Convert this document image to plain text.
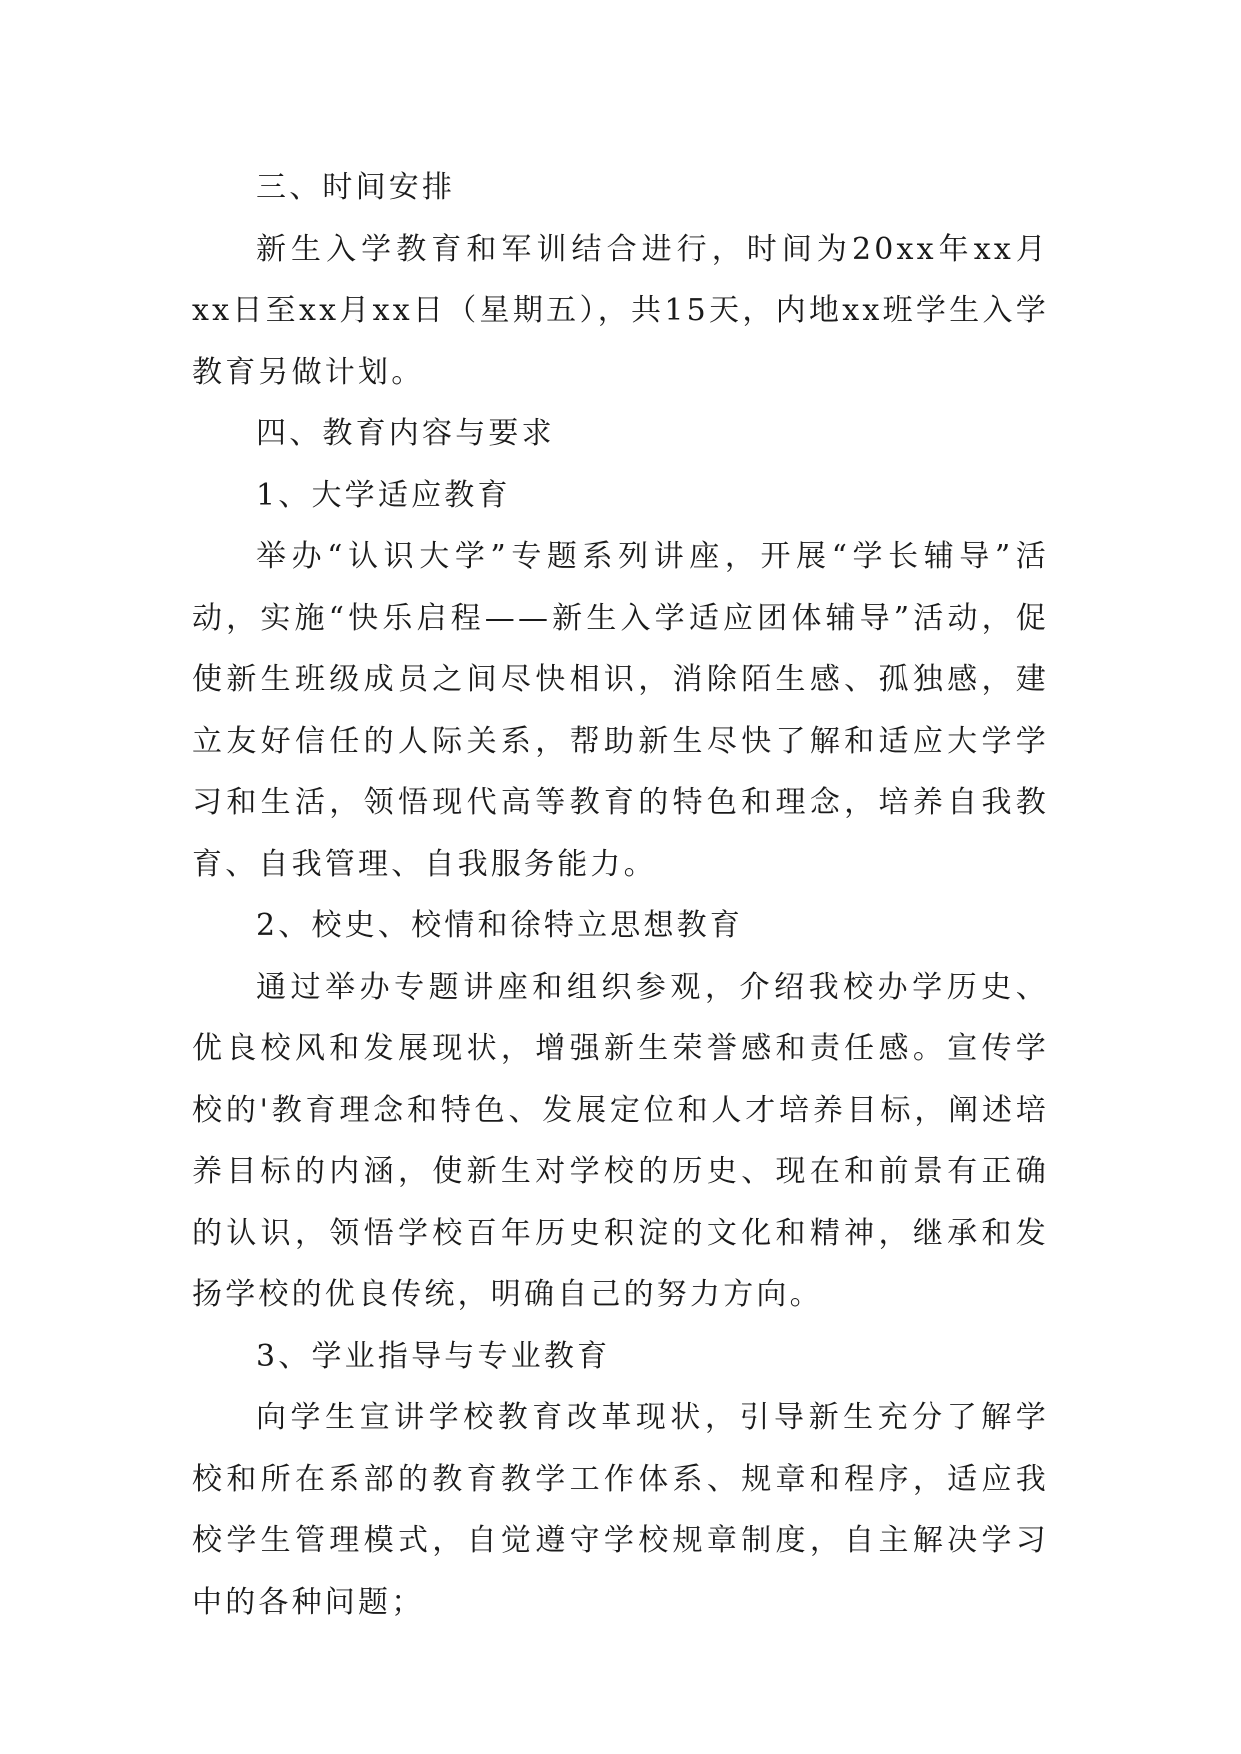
三、时间安排

新生入学教育和军训结合进行，时间为20xx年xx月xx日至xx月xx日（星期五），共15天，内地xx班学生入学教育另做计划。

四、教育内容与要求

1、大学适应教育

举办“认识大学”专题系列讲座，开展“学长辅导”活动，实施“快乐启程——新生入学适应团体辅导”活动，促使新生班级成员之间尽快相识，消除陌生感、孤独感，建立友好信任的人际关系，帮助新生尽快了解和适应大学学习和生活，领悟现代高等教育的特色和理念，培养自我教育、自我管理、自我服务能力。

2、校史、校情和徐特立思想教育

通过举办专题讲座和组织参观，介绍我校办学历史、优良校风和发展现状，增强新生荣誉感和责任感。宣传学校的'教育理念和特色、发展定位和人才培养目标，阐述培养目标的内涵，使新生对学校的历史、现在和前景有正确的认识，领悟学校百年历史积淀的文化和精神，继承和发扬学校的优良传统，明确自己的努力方向。

3、学业指导与专业教育

向学生宣讲学校教育改革现状，引导新生充分了解学校和所在系部的教育教学工作体系、规章和程序，适应我校学生管理模式，自觉遵守学校规章制度，自主解决学习中的各种问题；
